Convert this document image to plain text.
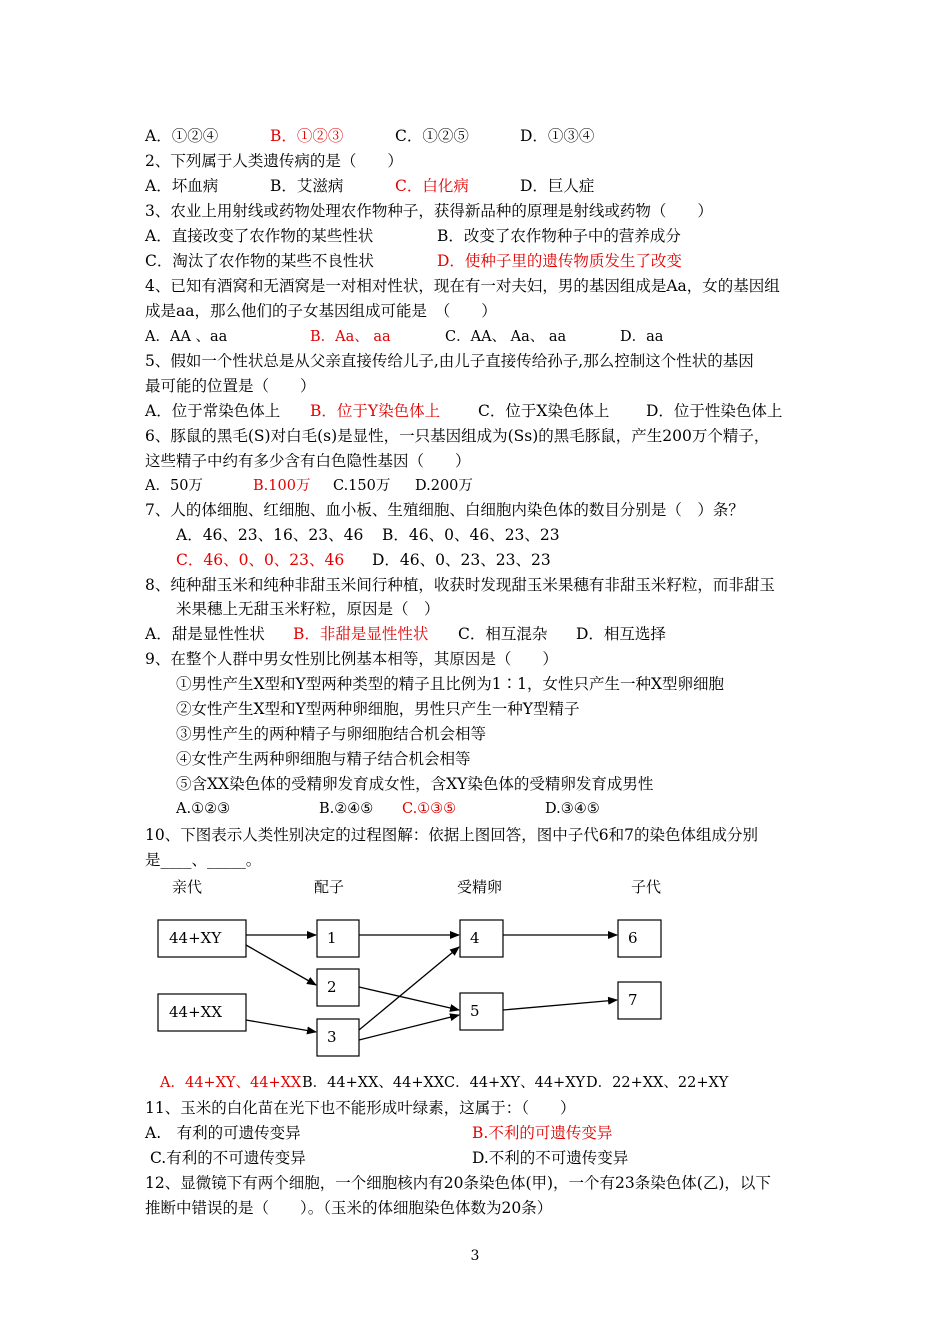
A．①②④	B．①②③	C．①②⑤	D．①③④
2、下列属于人类遗传病的是（　　）
A．坏血病	B．艾滋病	C．白化病	D．巨人症
3、农业上用射线或药物处理农作物种子，获得新品种的原理是射线或药物（　　）
A．直接改变了农作物的某些性状	B．改变了农作物种子中的营养成分
C．淘汰了农作物的某些不良性状	D．使种子里的遗传物质发生了改变
4、已知有酒窝和无酒窝是一对相对性状，现在有一对夫妇，男的基因组成是Aa，女的基因组
成是aa，那么他们的子女基因组成可能是　（　　）
A．AA 、aa	B．Aa、 aa	C．AA、 Aa、 aa	D．aa
5、假如一个性状总是从父亲直接传给儿子,由儿子直接传给孙子,那么控制这个性状的基因
最可能的位置是（　　）
A．位于常染色体上 B．位于Y染色体上 C．位于X染色体上 D．位于性染色体上
6、豚鼠的黑毛(S)对白毛(s)是显性，一只基因组成为(Ss)的黑毛豚鼠，产生200万个精子，
这些精子中约有多少含有白色隐性基因（　　）
A．50万	B.100万 C.150万 D.200万
7、人的体细胞、红细胞、血小板、生殖细胞、白细胞内染色体的数目分别是（　）条？
A．46、23、16、23、46 B．46、0、46、23、23
C．46、0、0、23、46 D．46、0、23、23、23
8、纯种甜玉米和纯种非甜玉米间行种植，收获时发现甜玉米果穗有非甜玉米籽粒，而非甜玉
米果穗上无甜玉米籽粒，原因是（　）
A．甜是显性性状 B．非甜是显性性状 C．相互混杂 D．相互选择
9、在整个人群中男女性别比例基本相等，其原因是（　　）
①男性产生X型和Y型两种类型的精子且比例为1∶1，女性只产生一种X型卵细胞
②女性产生X型和Y型两种卵细胞，男性只产生一种Y型精子
③男性产生的两种精子与卵细胞结合机会相等
④女性产生两种卵细胞与精子结合机会相等
⑤含XX染色体的受精卵发育成女性，含XY染色体的受精卵发育成男性
A.①②③	B.②④⑤ C.①③⑤	D.③④⑤
10、下图表示人类性别决定的过程图解：依据上图回答，图中子代6和7的染色体组成分别
是____、_____。
亲代	配子	受精卵	子代
44+XY
44+XX
1
2
3
4
5
6
7
A．44+XY、44+XXB．44+XX、44+XXC．44+XY、44+XYD．22+XX、22+XY
11、玉米的白化苗在光下也不能形成叶绿素，这属于：（　　）
A.　有利的可遗传变异	B.不利的可遗传变异
C.有利的不可遗传变异	D.不利的不可遗传变异
12、显微镜下有两个细胞，一个细胞核内有20条染色体(甲)，一个有23条染色体(乙)，以下
推断中错误的是（　　）。（玉米的体细胞染色体数为20条）
3
